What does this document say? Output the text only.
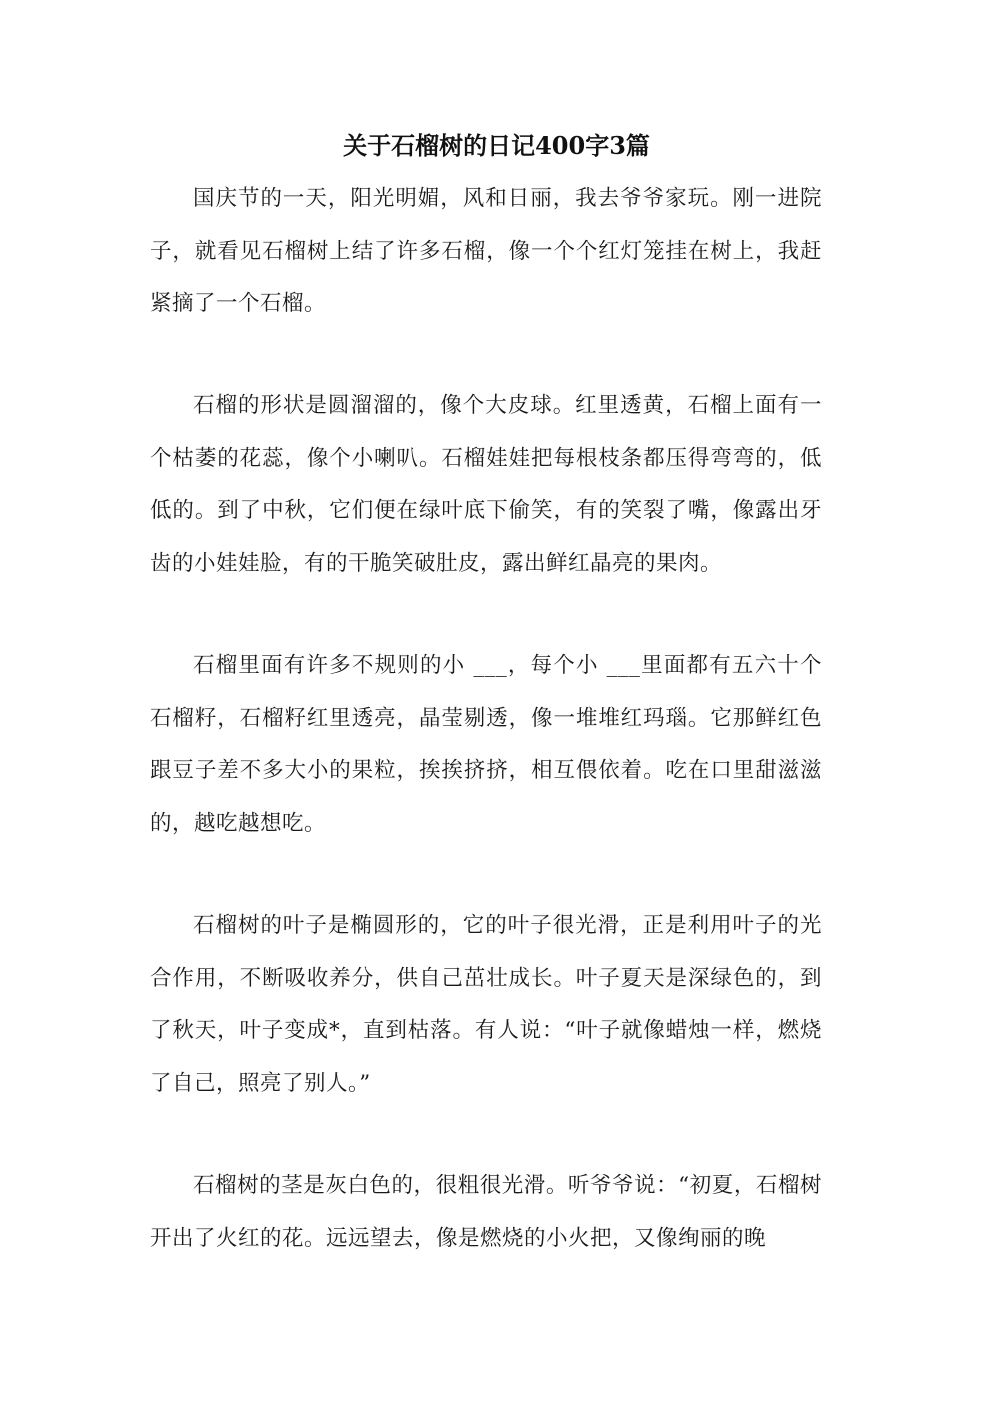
关于石榴树的日记400字3篇

国庆节的一天，阳光明媚，风和日丽，我去爷爷家玩。刚一进院子，就看见石榴树上结了许多石榴，像一个个红灯笼挂在树上，我赶紧摘了一个石榴。

石榴的形状是圆溜溜的，像个大皮球。红里透黄，石榴上面有一个枯萎的花蕊，像个小喇叭。石榴娃娃把每根枝条都压得弯弯的，低低的。到了中秋，它们便在绿叶底下偷笑，有的笑裂了嘴，像露出牙齿的小娃娃脸，有的干脆笑破肚皮，露出鲜红晶亮的果肉。

石榴里面有许多不规则的小 ___，每个小 ___里面都有五六十个石榴籽，石榴籽红里透亮，晶莹剔透，像一堆堆红玛瑙。它那鲜红色跟豆子差不多大小的果粒，挨挨挤挤，相互偎依着。吃在口里甜滋滋的，越吃越想吃。

石榴树的叶子是椭圆形的，它的叶子很光滑，正是利用叶子的光合作用，不断吸收养分，供自己茁壮成长。叶子夏天是深绿色的，到了秋天，叶子变成*，直到枯落。有人说：“叶子就像蜡烛一样，燃烧了自己，照亮了别人。”

石榴树的茎是灰白色的，很粗很光滑。听爷爷说：“初夏，石榴树开出了火红的花。远远望去，像是燃烧的小火把，又像绚丽的晚
